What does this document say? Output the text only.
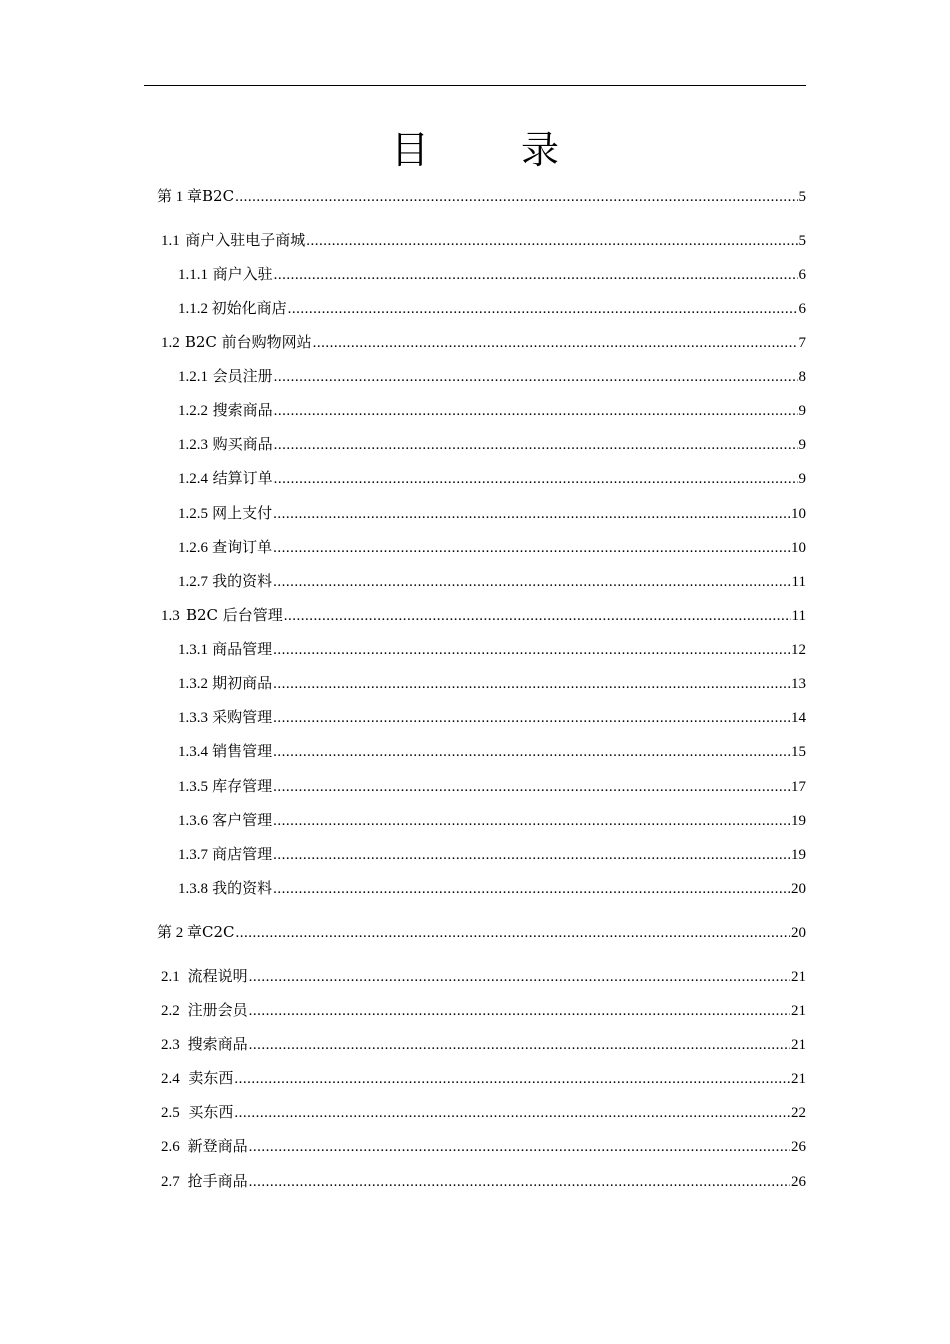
目 录
第 1 章 B2C .....	5
1.1 商户入驻电子商城 .....	5
1.1.1 商户入驻 .....	6
1.1.2 初始化商店 .....	6
1.2 B2C 前台购物网站 .....	7
1.2.1 会员注册 .....	8
1.2.2 搜索商品 .....	9
1.2.3 购买商品 .....	9
1.2.4 结算订单 .....	9
1.2.5 网上支付 .....	10
1.2.6 查询订单 .....	10
1.2.7 我的资料 .....	11
1.3 B2C 后台管理 .....	11
1.3.1 商品管理 .....	12
1.3.2 期初商品 .....	13
1.3.3 采购管理 .....	14
1.3.4 销售管理 .....	15
1.3.5 库存管理 .....	17
1.3.6 客户管理 .....	19
1.3.7 商店管理 .....	19
1.3.8 我的资料 .....	20
第 2 章 C2C .....	20
2.1 流程说明 .....	21
2.2 注册会员 .....	21
2.3 搜索商品 .....	21
2.4 卖东西 .....	21
2.5 买东西 .....	22
2.6 新登商品 .....	26
2.7 抢手商品 .....	26
